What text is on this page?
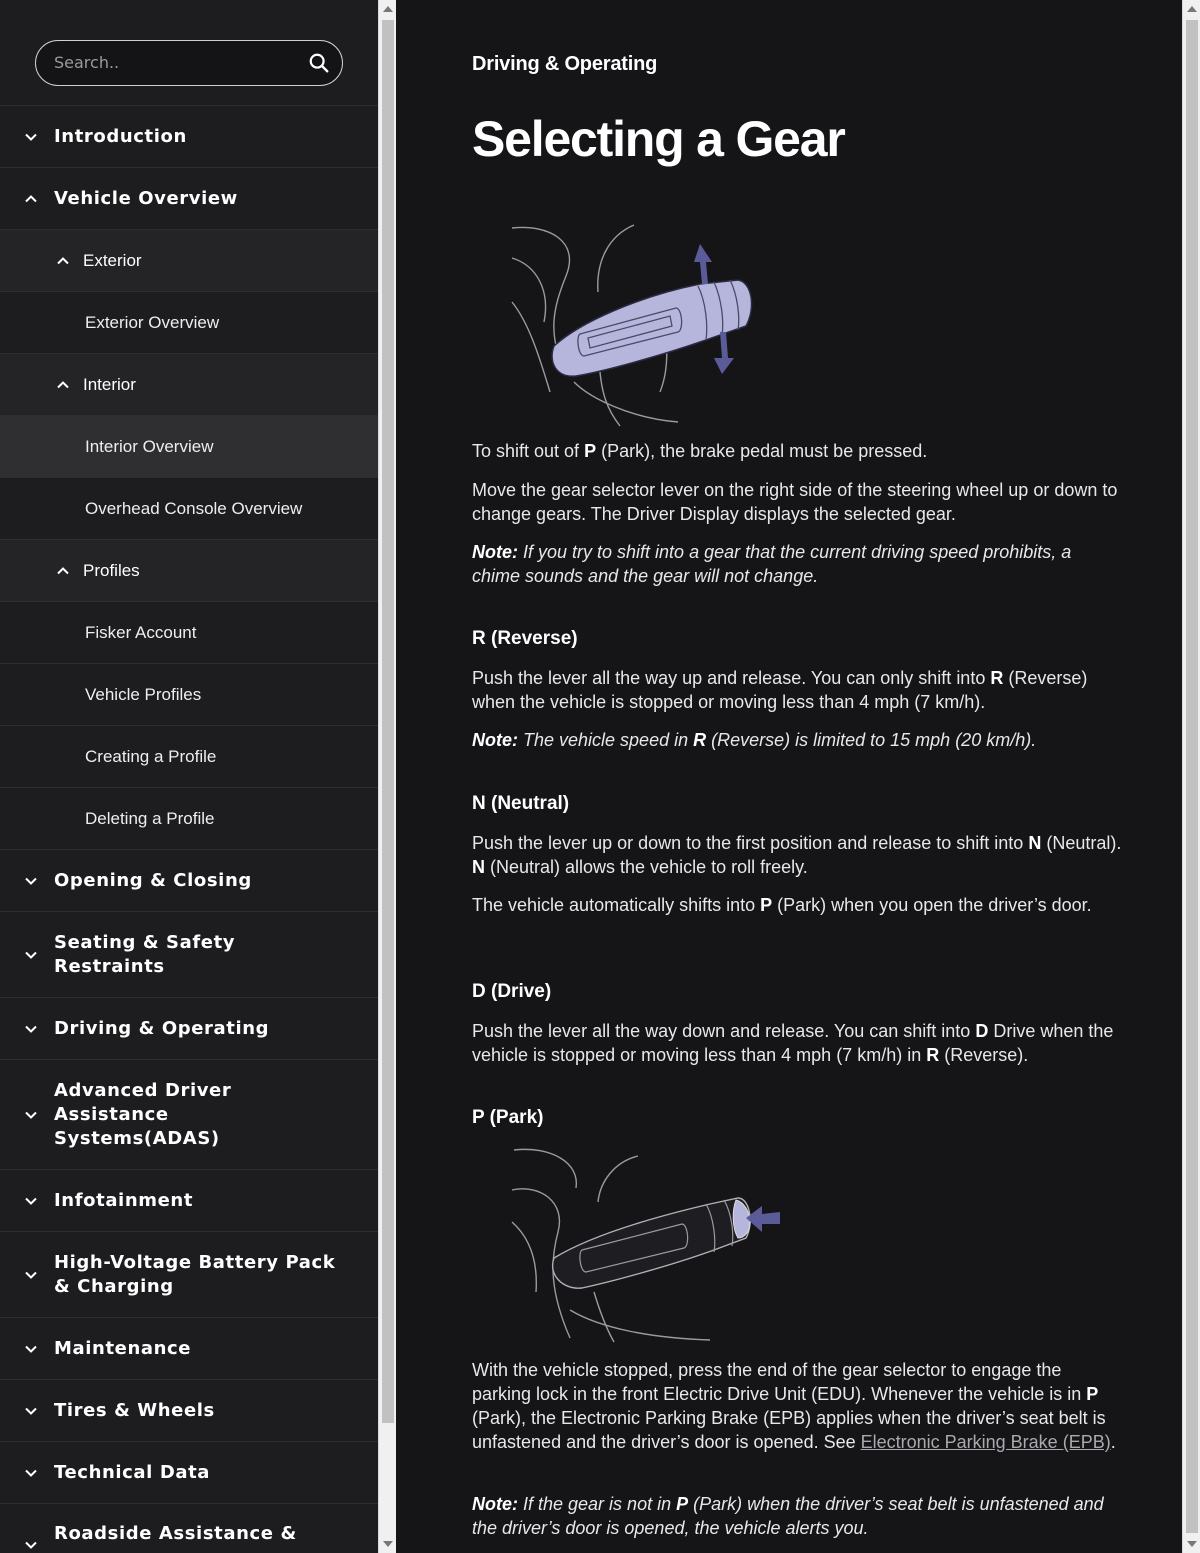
Search..
Introduction
Vehicle Overview
Exterior
Exterior Overview
Interior
Interior Overview
Overhead Console Overview
Profiles
Fisker Account
Vehicle Profiles
Creating a Profile
Deleting a Profile
Opening & Closing
Seating & Safety
Restraints
Driving & Operating
Advanced Driver
Assistance
Systems(ADAS)
Infotainment
High-Voltage Battery Pack
& Charging
Maintenance
Tires & Wheels
Technical Data
Roadside Assistance &
Driving & Operating
Selecting a Gear

To shift out of P (Park), the brake pedal must be pressed.

Move the gear selector lever on the right side of the steering wheel up or down to change gears. The Driver Display displays the selected gear.

Note: If you try to shift into a gear that the current driving speed prohibits, a chime sounds and the gear will not change.

R (Reverse)

Push the lever all the way up and release. You can only shift into R (Reverse) when the vehicle is stopped or moving less than 4 mph (7 km/h).

Note: The vehicle speed in R (Reverse) is limited to 15 mph (20 km/h).

N (Neutral)

Push the lever up or down to the first position and release to shift into N (Neutral). N (Neutral) allows the vehicle to roll freely.

The vehicle automatically shifts into P (Park) when you open the driver’s door.

D (Drive)

Push the lever all the way down and release. You can shift into D Drive when the vehicle is stopped or moving less than 4 mph (7 km/h) in R (Reverse).

P (Park)

With the vehicle stopped, press the end of the gear selector to engage the parking lock in the front Electric Drive Unit (EDU). Whenever the vehicle is in P (Park), the Electronic Parking Brake (EPB) applies when the driver’s seat belt is unfastened and the driver’s door is opened. See Electronic Parking Brake (EPB).

Note: If the gear is not in P (Park) when the driver’s seat belt is unfastened and the driver’s door is opened, the vehicle alerts you.
